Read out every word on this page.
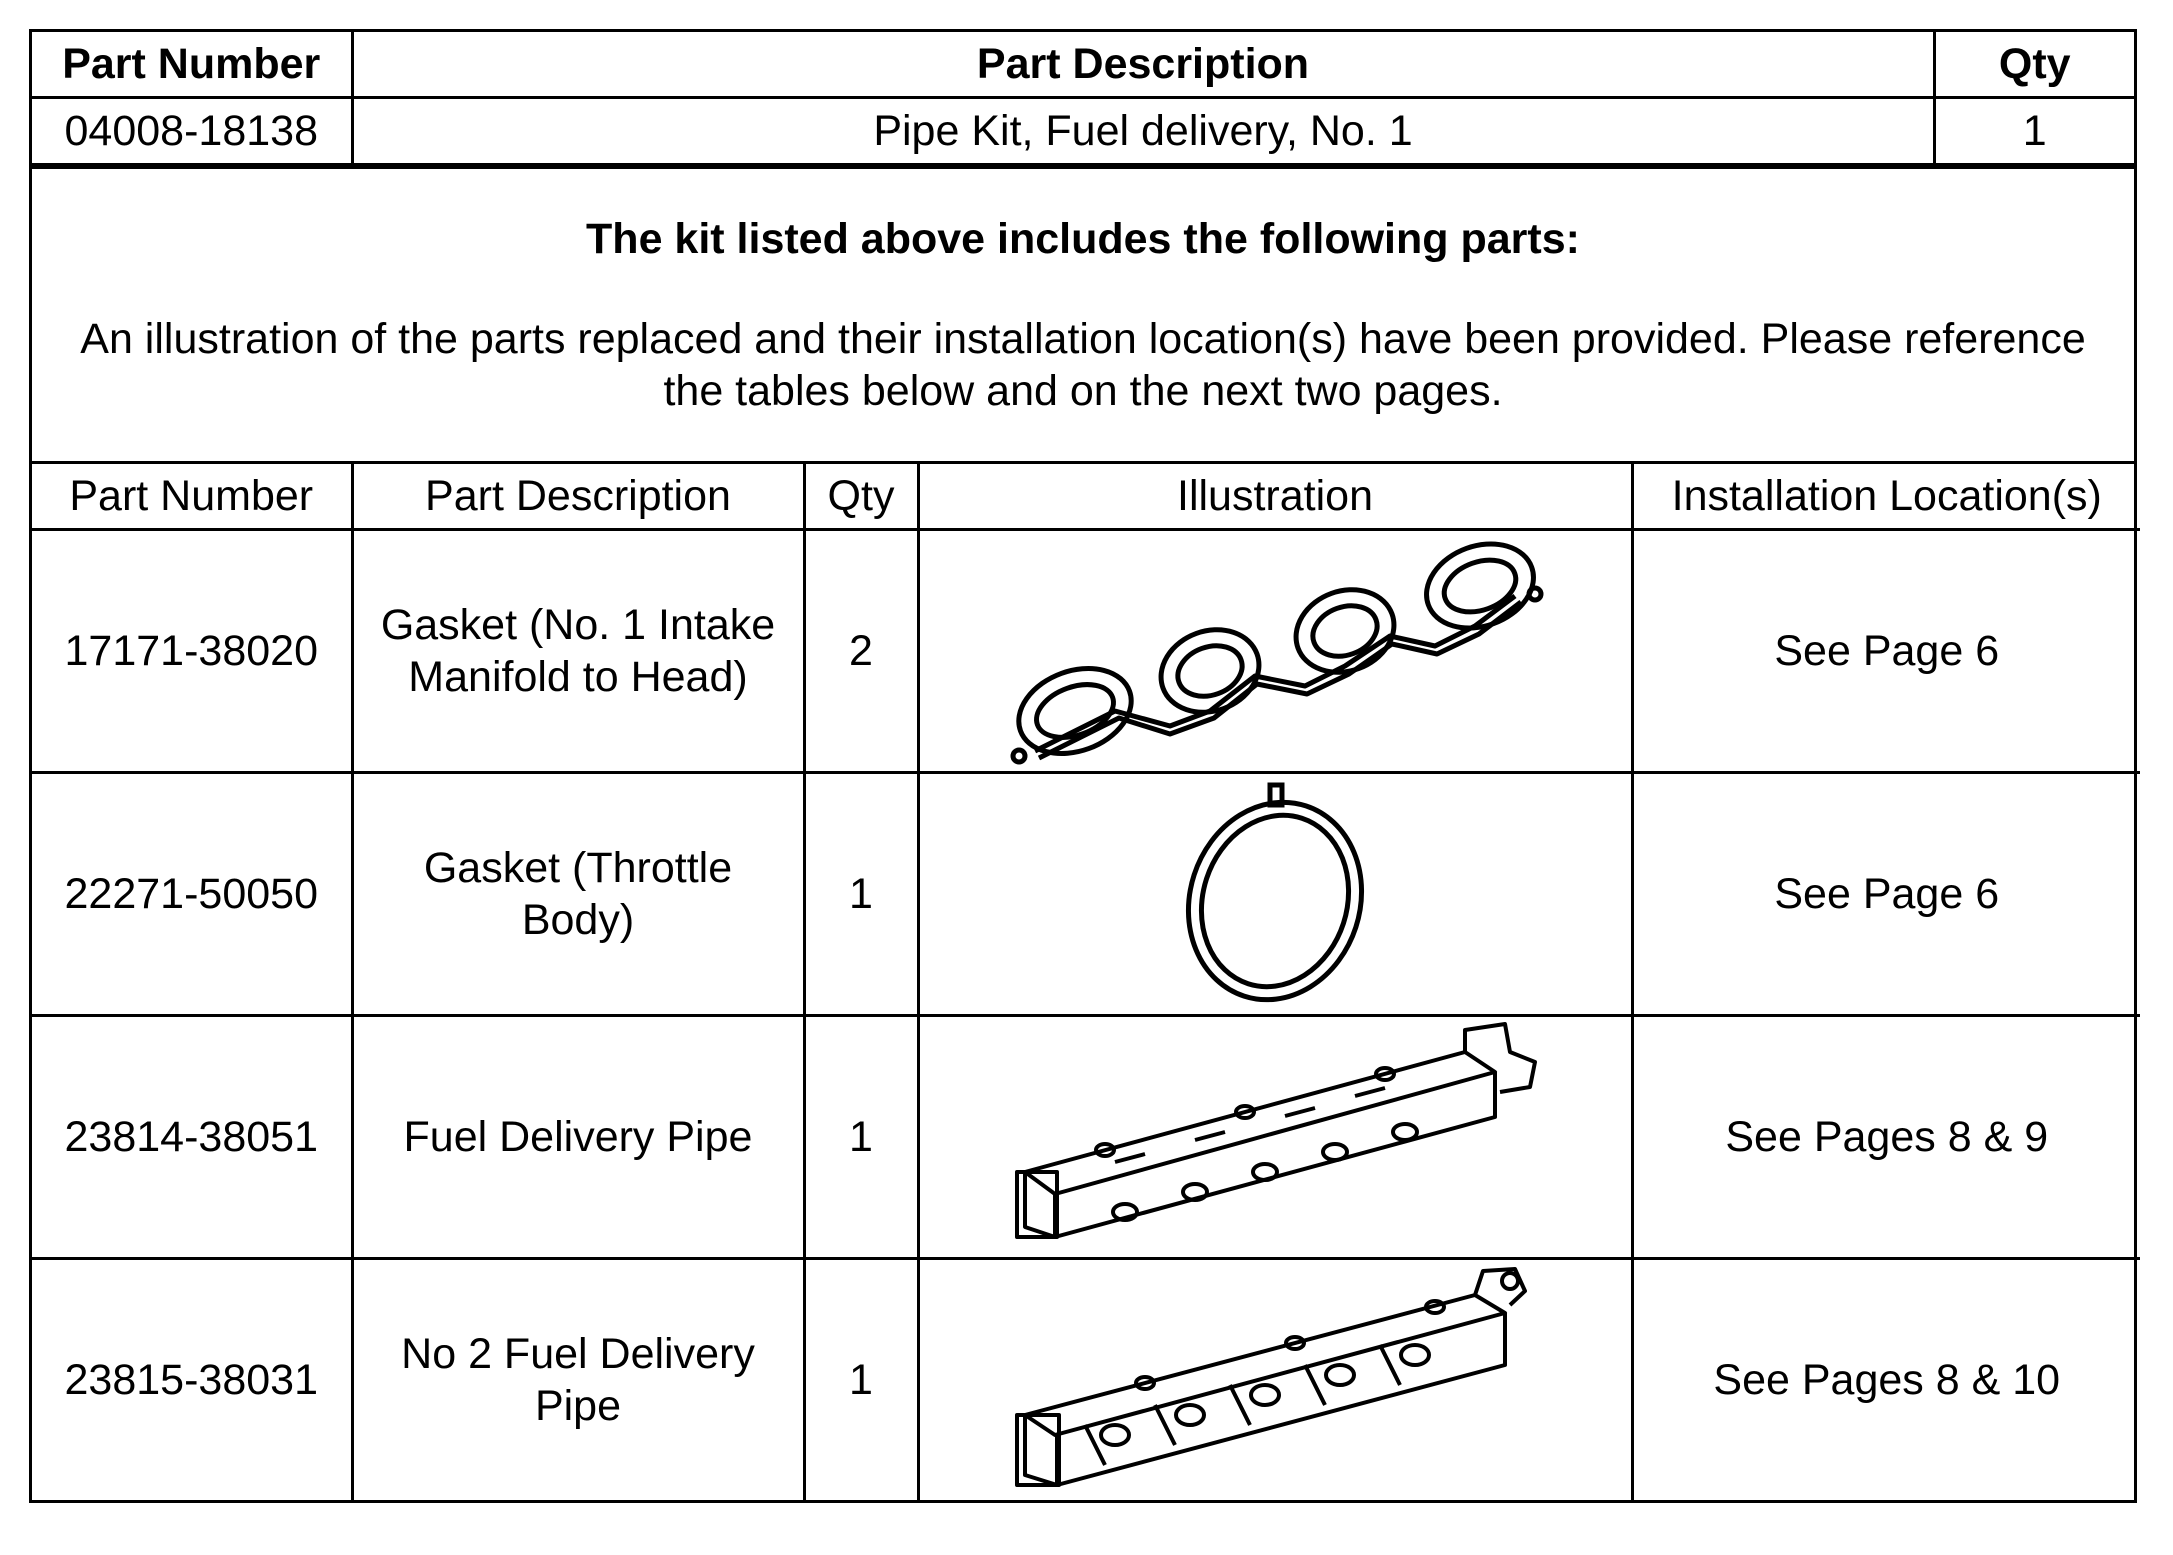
Part Number	Part Description	Qty
04008-18138	Pipe Kit, Fuel delivery, No. 1	1
The kit listed above includes the following parts:
An illustration of the parts replaced and their installation location(s) have been provided. Please reference the tables below and on the next two pages.
Part Number	Part Description	Qty	Illustration	Installation Location(s)
17171-38020	Gasket (No. 1 Intake Manifold to Head)	2		See Page 6
22271-50050	Gasket (Throttle Body)	1		See Page 6
23814-38051	Fuel Delivery Pipe	1		See Pages 8 & 9
23815-38031	No 2 Fuel Delivery Pipe	1		See Pages 8 & 10
